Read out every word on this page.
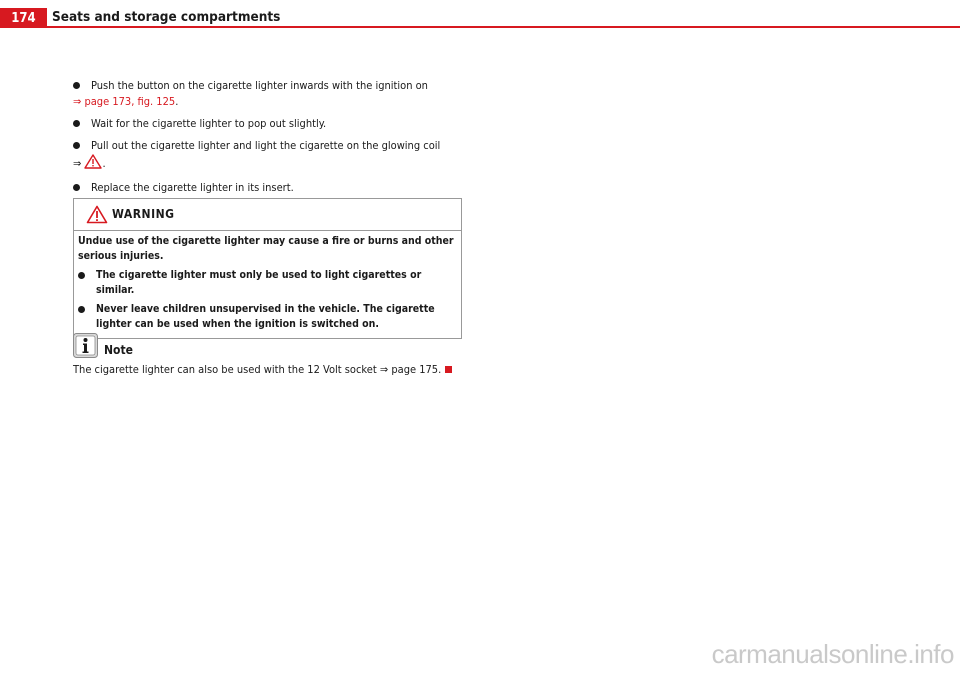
174	Seats and storage compartments
Push the button on the cigarette lighter inwards with the ignition on
⇒ page 173, fig. 125.
Wait for the cigarette lighter to pop out slightly.
Pull out the cigarette lighter and light the cigarette on the glowing coil
⇒ .
Replace the cigarette lighter in its insert.
WARNING

Undue use of the cigarette lighter may cause a fire or burns and other serious injuries.

The cigarette lighter must only be used to light cigarettes or similar.
Never leave children unsupervised in the vehicle. The cigarette lighter can be used when the ignition is switched on.
Note
The cigarette lighter can also be used with the 12 Volt socket ⇒ page 175.
carmanualsonline.info
